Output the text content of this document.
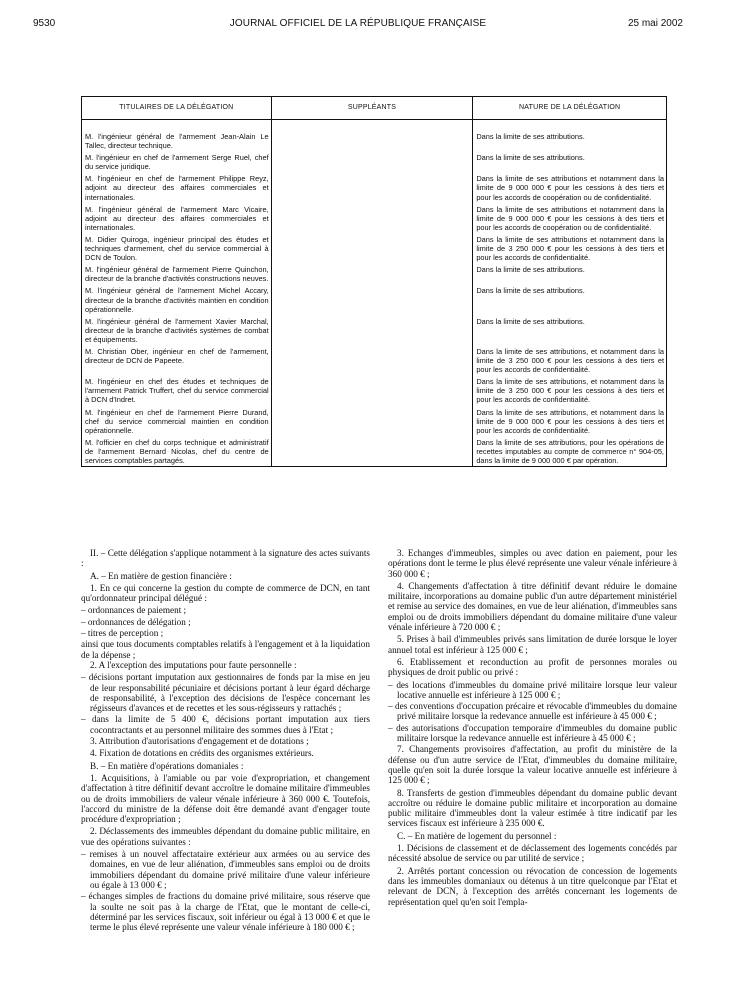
9530	JOURNAL OFFICIEL DE LA RÉPUBLIQUE FRANÇAISE	25 mai 2002
TITULAIRES DE LA DÉLÉGATION	SUPPLÉANTS	NATURE DE LA DÉLÉGATION
M. l'ingénieur général de l'armement Jean-Alain Le Tallec, directeur technique.		Dans la limite de ses attributions.
M. l'ingénieur en chef de l'armement Serge Ruel, chef du service juridique.		Dans la limite de ses attributions.
M. l'ingénieur en chef de l'armement Philippe Reyz, adjoint au directeur des affaires commerciales et internationales.		Dans la limite de ses attributions et notamment dans la limite de 9 000 000 € pour les cessions à des tiers et pour les accords de coopération ou de confidentialité.
M. l'ingénieur général de l'armement Marc Vicaire, adjoint au directeur des affaires commerciales et internationales.		Dans la limite de ses attributions et notamment dans la limite de 9 000 000 € pour les cessions à des tiers et pour les accords de coopération ou de confidentialité.
M. Didier Quiroga, ingénieur principal des études et techniques d'armement, chef du service commercial à DCN de Toulon.		Dans la limite de ses attributions et notamment dans la limite de 3 250 000 € pour les cessions à des tiers et pour les accords de confidentialité.
M. l'ingénieur général de l'armement Pierre Quinchon, directeur de la branche d'activités constructions neuves.		Dans la limite de ses attributions.
M. l'ingénieur général de l'armement Michel Accary, directeur de la branche d'activités maintien en condition opérationnelle.		Dans la limite de ses attributions.
M. l'ingénieur général de l'armement Xavier Marchal, directeur de la branche d'activités systèmes de combat et équipements.		Dans la limite de ses attributions.
M. Christian Ober, ingénieur en chef de l'armement, directeur de DCN de Papeete.		Dans la limite de ses attributions, et notamment dans la limite de 3 250 000 € pour les cessions à des tiers et pour les accords de confidentialité.
M. l'ingénieur en chef des études et techniques de l'armement Patrick Truffert, chef du service commercial à DCN d'Indret.		Dans la limite de ses attributions, et notamment dans la limite de 3 250 000 € pour les cessions à des tiers et pour les accords de confidentialité.
M. l'ingénieur en chef de l'armement Pierre Durand, chef du service commercial maintien en condition opérationnelle.		Dans la limite de ses attributions, et notamment dans la limite de 9 000 000 € pour les cessions à des tiers et pour les accords de confidentialité.
M. l'officier en chef du corps technique et administratif de l'armement Bernard Nicolas, chef du centre de services comptables partagés.		Dans la limite de ses attributions, pour les opérations de recettes imputables au compte de commerce n° 904-05, dans la limite de 9 000 000 € par opération.
II. – Cette délégation s'applique notamment à la signature des actes suivants :
A. – En matière de gestion financière :
1. En ce qui concerne la gestion du compte de commerce de DCN, en tant qu'ordonnateur principal délégué :
– ordonnances de paiement ;
– ordonnances de délégation ;
– titres de perception ;
ainsi que tous documents comptables relatifs à l'engagement et à la liquidation de la dépense ;
2. A l'exception des imputations pour faute personnelle :
– décisions portant imputation aux gestionnaires de fonds par la mise en jeu de leur responsabilité pécuniaire et décisions portant à leur égard décharge de responsabilité, à l'exception des décisions de l'espèce concernant les régisseurs d'avances et de recettes et les sous-régisseurs y rattachés ;
– dans la limite de 5 400 €, décisions portant imputation aux tiers cocontractants et au personnel militaire des sommes dues à l'Etat ;
3. Attribution d'autorisations d'engagement et de dotations ;
4. Fixation de dotations en crédits des organismes extérieurs.
B. – En matière d'opérations domaniales :
1. Acquisitions, à l'amiable ou par voie d'expropriation, et changement d'affectation à titre définitif devant accroître le domaine militaire d'immeubles ou de droits immobiliers de valeur vénale inférieure à 360 000 €. Toutefois, l'accord du ministre de la défense doit être demandé avant d'engager toute procédure d'expropriation ;
2. Déclassements des immeubles dépendant du domaine public militaire, en vue des opérations suivantes :
– remises à un nouvel affectataire extérieur aux armées ou au service des domaines, en vue de leur aliénation, d'immeubles sans emploi ou de droits immobiliers dépendant du domaine privé militaire d'une valeur inférieure ou égale à 13 000 € ;
– échanges simples de fractions du domaine privé militaire, sous réserve que la soulte ne soit pas à la charge de l'Etat, que le montant de celle-ci, déterminé par les services fiscaux, soit inférieur ou égal à 13 000 € et que le terme le plus élevé représente une valeur vénale inférieure à 180 000 € ;
3. Echanges d'immeubles, simples ou avec dation en paiement, pour les opérations dont le terme le plus élevé représente une valeur vénale inférieure à 360 000 € ;
4. Changements d'affectation à titre définitif devant réduire le domaine militaire, incorporations au domaine public d'un autre département ministériel et remise au service des domaines, en vue de leur aliénation, d'immeubles sans emploi ou de droits immobiliers dépendant du domaine militaire d'une valeur vénale inférieure à 720 000 € ;
5. Prises à bail d'immeubles privés sans limitation de durée lorsque le loyer annuel total est inférieur à 125 000 € ;
6. Etablissement et reconduction au profit de personnes morales ou physiques de droit public ou privé :
– des locations d'immeubles du domaine privé militaire lorsque leur valeur locative annuelle est inférieure à 125 000 € ;
– des conventions d'occupation précaire et révocable d'immeubles du domaine privé militaire lorsque la redevance annuelle est inférieure à 45 000 € ;
– des autorisations d'occupation temporaire d'immeubles du domaine public militaire lorsque la redevance annuelle est inférieure à 45 000 € ;
7. Changements provisoires d'affectation, au profit du ministère de la défense ou d'un autre service de l'Etat, d'immeubles du domaine militaire, quelle qu'en soit la durée lorsque la valeur locative annuelle est inférieure à 125 000 € ;
8. Transferts de gestion d'immeubles dépendant du domaine public devant accroître ou réduire le domaine public militaire et incorporation au domaine public militaire d'immeubles dont la valeur estimée à titre indicatif par les services fiscaux est inférieure à 235 000 €.
C. – En matière de logement du personnel :
1. Décisions de classement et de déclassement des logements concédés par nécessité absolue de service ou par utilité de service ;
2. Arrêtés portant concession ou révocation de concession de logements dans les immeubles domaniaux ou détenus à un titre quelconque par l'Etat et relevant de DCN, à l'exception des arrêtés concernant les logements de représentation quel qu'en soit l'empla-
